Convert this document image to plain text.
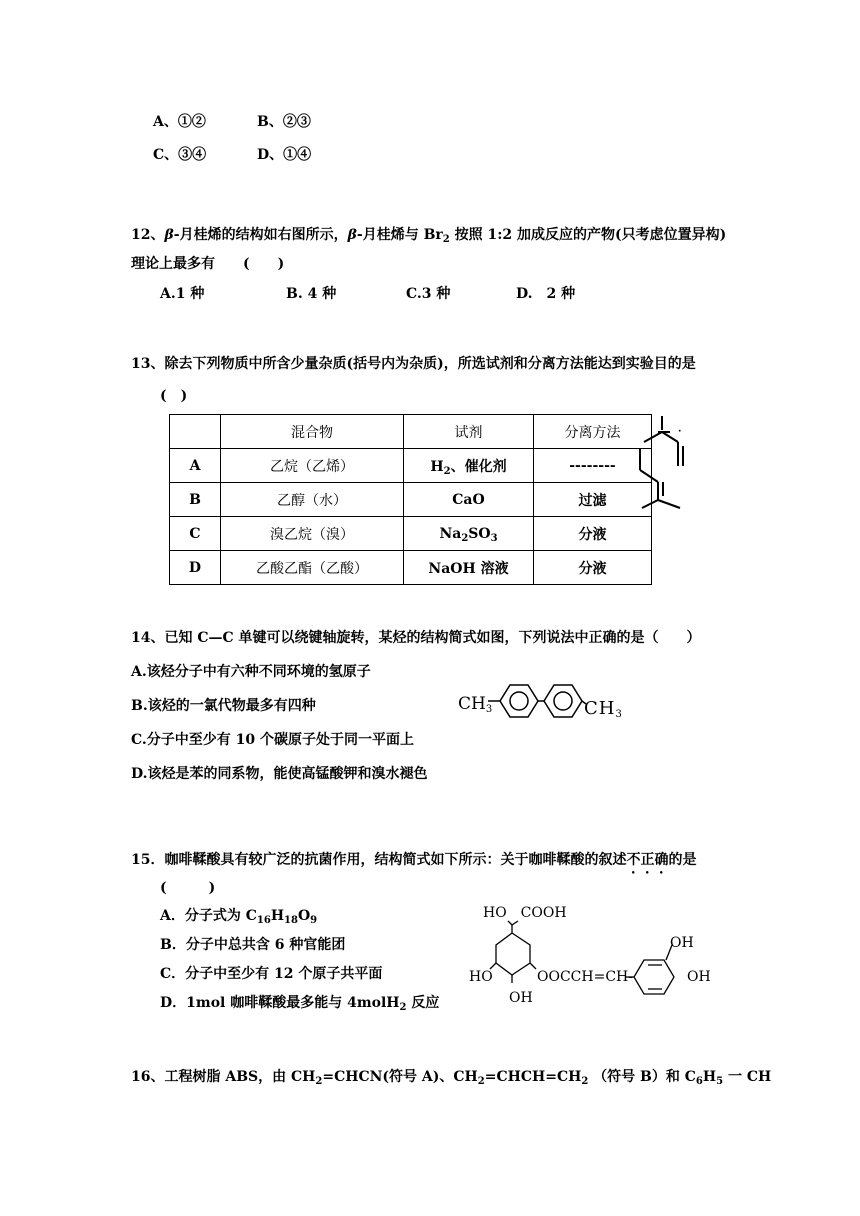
A、①②	B、②③
C、③④	D、①④
12、β-月桂烯的结构如右图所示，β-月桂烯与 $Br_2$ 按照 1:2 加成反应的产物(只考虑位置异构)
理论上最多有　　(　　)
A.1 种	B. 4 种	C.3 种	D.　2 种
13、除去下列物质中所含少量杂质(括号内为杂质)，所选试剂和分离方法能达到实验目的是
(　)
	混合物	试剂	分离方法
A	乙烷（乙烯）	$H_2$、催化剂	--------
B	乙醇（水）	CaO	过滤
C	溴乙烷（溴）	$Na_2SO_3$	分液
D	乙酸乙酯（乙酸）	NaOH 溶液	分液
·
14、已知 C—C 单键可以绕键轴旋转，某烃的结构简式如图，下列说法中正确的是（　　）
A.该烃分子中有六种不同环境的氢原子
B.该烃的一氯代物最多有四种
C.分子中至少有 10 个碳原子处于同一平面上
D.该烃是苯的同系物，能使高锰酸钾和溴水褪色
$CH_3$	$CH_3$
15．咖啡鞣酸具有较广泛的抗菌作用，结构简式如下所示：关于咖啡鞣酸的叙述不正确的是
(　　　)
A．分子式为 $C_{16}H_{18}O_9$
B．分子中总共含 6 种官能团
C．分子中至少有 12 个原子共平面
D．1mol 咖啡鞣酸最多能与 4molH$_2$ 反应
HO　COOH
OH
HO	OOCCH=CH-	OH
OH
16、工程树脂 ABS，由 $CH_2=CHCN$(符号 A)、$CH_2=CHCH=CH_2$ （符号 B）和 $C_6H_5$ 一 CH
